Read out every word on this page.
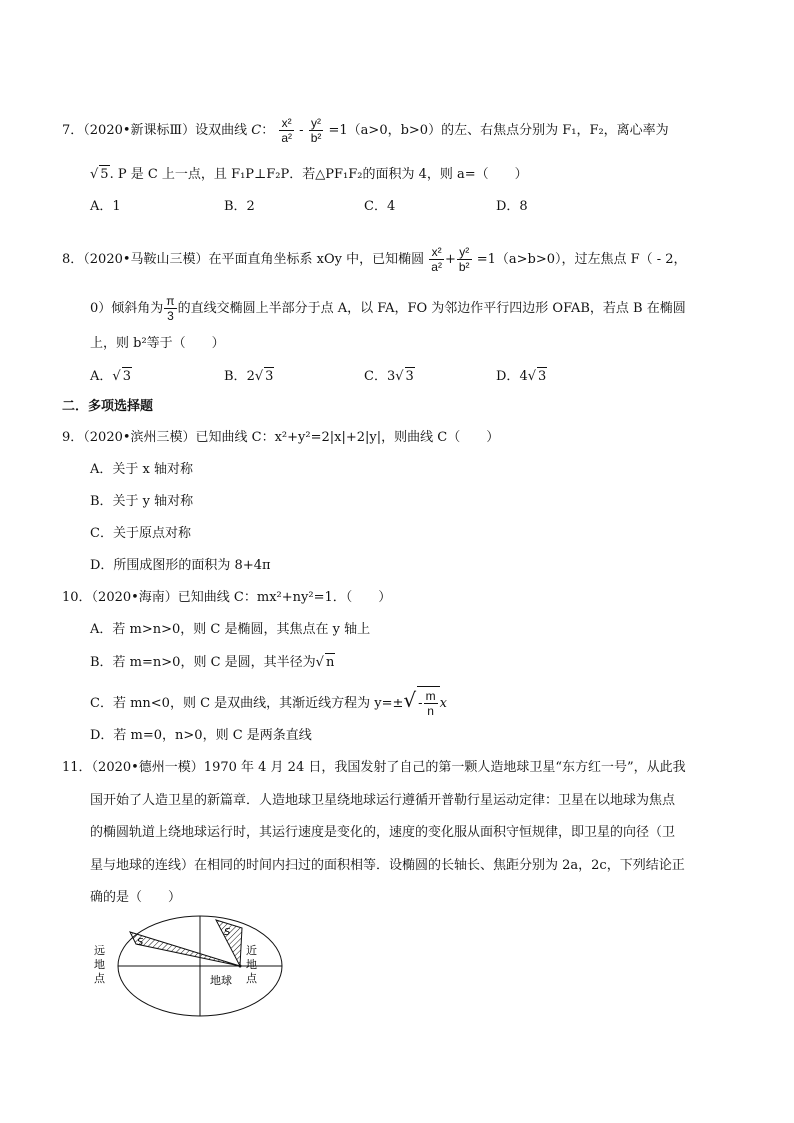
7．（2020•新课标Ⅲ）设双曲线 C： $\frac{\text{x²}}{\text{a²}} - \frac{\text{y²}}{\text{b²}} =1(a>0$，b>0）的左、右焦点分别为 F₁，F₂，离心率为
√ 5. P 是 C 上一点，且 F₁P⊥F₂P．若△PF₁F₂的面积为 4，则 a=（　　）
A．1	B．2	C．4	D．8
8．（2020•马鞍山三模）在平面直角坐标系 xOy 中，已知椭圆 $\frac{\text{x²}}{\text{a²}} + \frac{\text{y²}}{\text{b²}} =1(a>b>0)$，过左焦点 F（ - 2，
0）倾斜角为 $\frac{\pi}{3}$ 的直线交椭圆上半部分于点 A，以 FA，FO 为邻边作平行四边形 OFAB，若点 B 在椭圆
上，则 b²等于（　　）
A．√ 3	B．2√ 3	C．3√ 3	D．4√ 3
二．多项选择题
9．（2020•滨州三模）已知曲线 C：x²+y²=2|x|+2|y|，则曲线 C（　　）
A．关于 x 轴对称
B．关于 y 轴对称
C．关于原点对称
D．所围成图形的面积为 8+4π
10．（2020•海南）已知曲线 C：mx²+ny²=1．（　　）
A．若 m>n>0，则 C 是椭圆，其焦点在 y 轴上
B．若 m=n>0，则 C 是圆，其半径为√ n
C．若 mn<0，则 C 是双曲线，其渐近线方程为 $y=\pm√ - \frac{m}{n}$ x
D．若 m=0，n>0，则 C 是两条直线
11．（2020•德州一模）1970 年 4 月 24 日，我国发射了自己的第一颗人造地球卫星“东方红一号”，从此我
国开始了人造卫星的新篇章．人造地球卫星绕地球运行遵循开普勒行星运动定律：卫星在以地球为焦点
的椭圆轨道上绕地球运行时，其运行速度是变化的，速度的变化服从面积守恒规律，即卫星的向径（卫
星与地球的连线）在相同的时间内扫过的面积相等．设椭圆的长轴长、焦距分别为 2a，2c，下列结论正
确的是（　　）
S
S
地球
远
地
点
近
地
点
